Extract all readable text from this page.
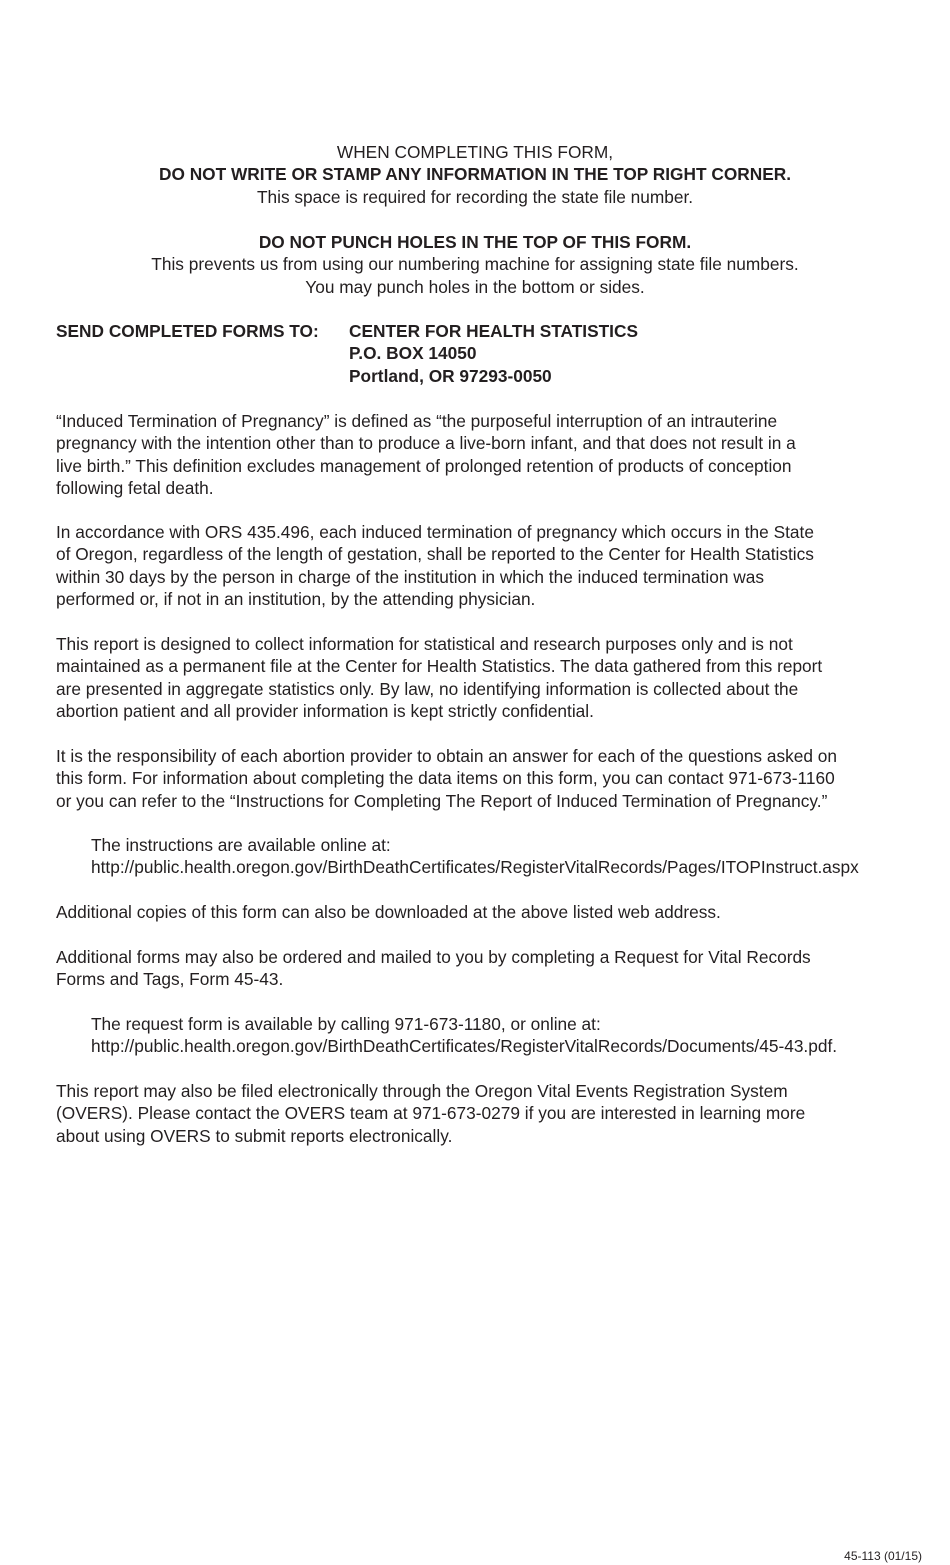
WHEN COMPLETING THIS FORM,
DO NOT WRITE OR STAMP ANY INFORMATION IN THE TOP RIGHT CORNER.
This space is required for recording the state file number.
DO NOT PUNCH HOLES IN THE TOP OF THIS FORM.
This prevents us from using our numbering machine for assigning state file numbers.
You may punch holes in the bottom or sides.
SEND COMPLETED FORMS TO: CENTER FOR HEALTH STATISTICS
P.O. BOX 14050
Portland, OR 97293-0050
“Induced Termination of Pregnancy” is defined as “the purposeful interruption of an intrauterine
pregnancy with the intention other than to produce a live-born infant, and that does not result in a
live birth.” This definition excludes management of prolonged retention of products of conception
following fetal death.
In accordance with ORS 435.496, each induced termination of pregnancy which occurs in the State
of Oregon, regardless of the length of gestation, shall be reported to the Center for Health Statistics
within 30 days by the person in charge of the institution in which the induced termination was
performed or, if not in an institution, by the attending physician.
This report is designed to collect information for statistical and research purposes only and is not
maintained as a permanent file at the Center for Health Statistics. The data gathered from this report
are presented in aggregate statistics only. By law, no identifying information is collected about the
abortion patient and all provider information is kept strictly confidential.
It is the responsibility of each abortion provider to obtain an answer for each of the questions asked on
this form. For information about completing the data items on this form, you can contact 971-673-1160
or you can refer to the “Instructions for Completing The Report of Induced Termination of Pregnancy.”
The instructions are available online at:
http://public.health.oregon.gov/BirthDeathCertificates/RegisterVitalRecords/Pages/ITOPInstruct.aspx
Additional copies of this form can also be downloaded at the above listed web address.
Additional forms may also be ordered and mailed to you by completing a Request for Vital Records
Forms and Tags, Form 45-43.
The request form is available by calling 971-673-1180, or online at:
http://public.health.oregon.gov/BirthDeathCertificates/RegisterVitalRecords/Documents/45-43.pdf.
This report may also be filed electronically through the Oregon Vital Events Registration System
(OVERS). Please contact the OVERS team at 971-673-0279 if you are interested in learning more
about using OVERS to submit reports electronically.
45-113 (01/15)
